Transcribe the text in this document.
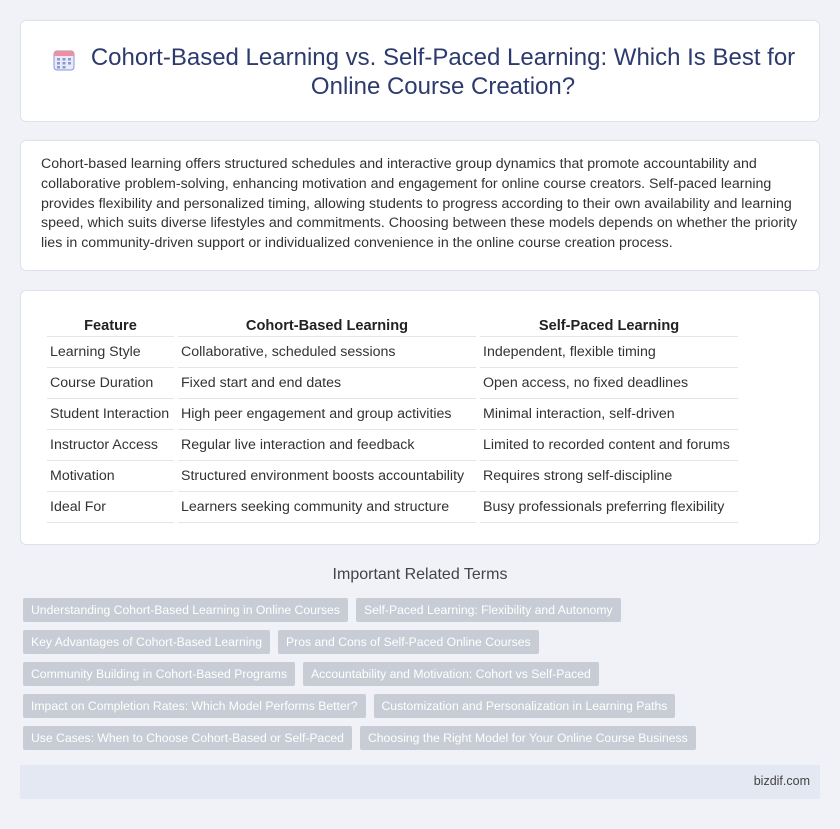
Cohort-Based Learning vs. Self-Paced Learning: Which Is Best for Online Course Creation?

Cohort-based learning offers structured schedules and interactive group dynamics that promote accountability and collaborative problem-solving, enhancing motivation and engagement for online course creators. Self-paced learning provides flexibility and personalized timing, allowing students to progress according to their own availability and learning speed, which suits diverse lifestyles and commitments. Choosing between these models depends on whether the priority lies in community-driven support or individualized convenience in the online course creation process.

Feature	Cohort-Based Learning	Self-Paced Learning
Learning Style	Collaborative, scheduled sessions	Independent, flexible timing
Course Duration	Fixed start and end dates	Open access, no fixed deadlines
Student Interaction	High peer engagement and group activities	Minimal interaction, self-driven
Instructor Access	Regular live interaction and feedback	Limited to recorded content and forums
Motivation	Structured environment boosts accountability	Requires strong self-discipline
Ideal For	Learners seeking community and structure	Busy professionals preferring flexibility
Important Related Terms
Understanding Cohort-Based Learning in Online Courses	Self-Paced Learning: Flexibility and Autonomy
Key Advantages of Cohort-Based Learning	Pros and Cons of Self-Paced Online Courses
Community Building in Cohort-Based Programs	Accountability and Motivation: Cohort vs Self-Paced
Impact on Completion Rates: Which Model Performs Better?	Customization and Personalization in Learning Paths
Use Cases: When to Choose Cohort-Based or Self-Paced	Choosing the Right Model for Your Online Course Business
bizdif.com
